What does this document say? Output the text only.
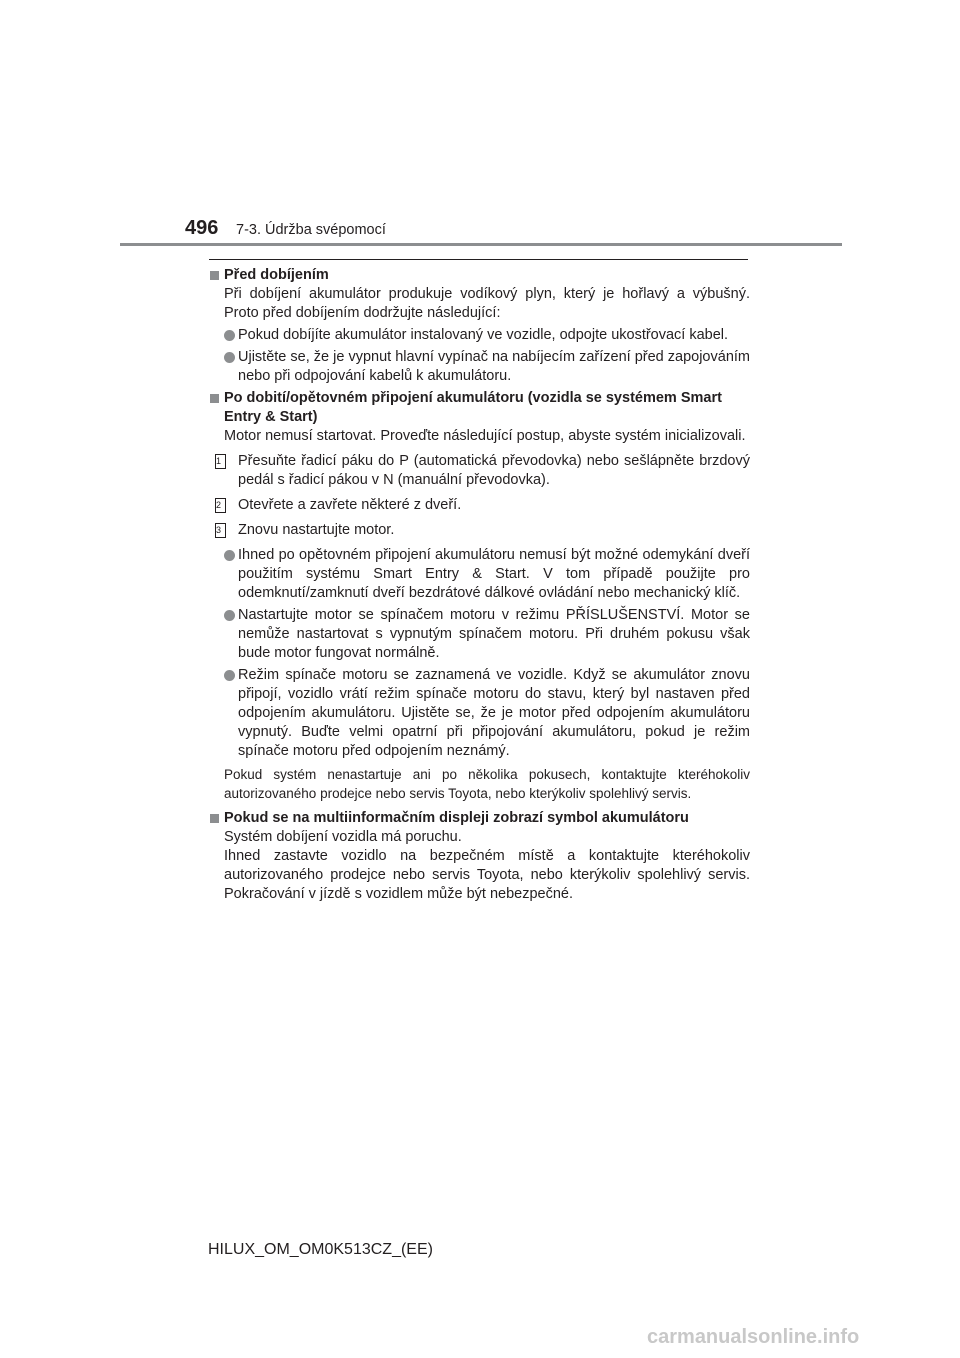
496 7-3. Údržba svépomocí
Před dobíjením
Při dobíjení akumulátor produkuje vodíkový plyn, který je hořlavý a výbušný. Proto před dobíjením dodržujte následující:
Pokud dobíjíte akumulátor instalovaný ve vozidle, odpojte ukostřovací kabel.
Ujistěte se, že je vypnut hlavní vypínač na nabíjecím zařízení před zapojováním nebo při odpojování kabelů k akumulátoru.
Po dobití/opětovném připojení akumulátoru (vozidla se systémem Smart Entry & Start)
Motor nemusí startovat. Proveďte následující postup, abyste systém inicializovali.
1	Přesuňte řadicí páku do P (automatická převodovka) nebo sešlápněte brzdový pedál s řadicí pákou v N (manuální převodovka).
2	Otevřete a zavřete některé z dveří.
3	Znovu nastartujte motor.
Ihned po opětovném připojení akumulátoru nemusí být možné odemykání dveří použitím systému Smart Entry & Start. V tom případě použijte pro odemknutí/zamknutí dveří bezdrátové dálkové ovládání nebo mechanický klíč.
Nastartujte motor se spínačem motoru v režimu PŘÍSLUŠENSTVÍ. Motor se nemůže nastartovat s vypnutým spínačem motoru. Při druhém pokusu však bude motor fungovat normálně.
Režim spínače motoru se zaznamená ve vozidle. Když se akumulátor znovu připojí, vozidlo vrátí režim spínače motoru do stavu, který byl nastaven před odpojením akumulátoru. Ujistěte se, že je motor před odpojením akumulátoru vypnutý. Buďte velmi opatrní při připojování akumulátoru, pokud je režim spínače motoru před odpojením neznámý.
Pokud systém nenastartuje ani po několika pokusech, kontaktujte kteréhokoliv autorizovaného prodejce nebo servis Toyota, nebo kterýkoliv spolehlivý servis.
Pokud se na multiinformačním displeji zobrazí symbol akumulátoru
Systém dobíjení vozidla má poruchu.
Ihned zastavte vozidlo na bezpečném místě a kontaktujte kteréhokoliv autorizovaného prodejce nebo servis Toyota, nebo kterýkoliv spolehlivý servis. Pokračování v jízdě s vozidlem může být nebezpečné.
HILUX_OM_OM0K513CZ_(EE)
carmanualsonline.info
